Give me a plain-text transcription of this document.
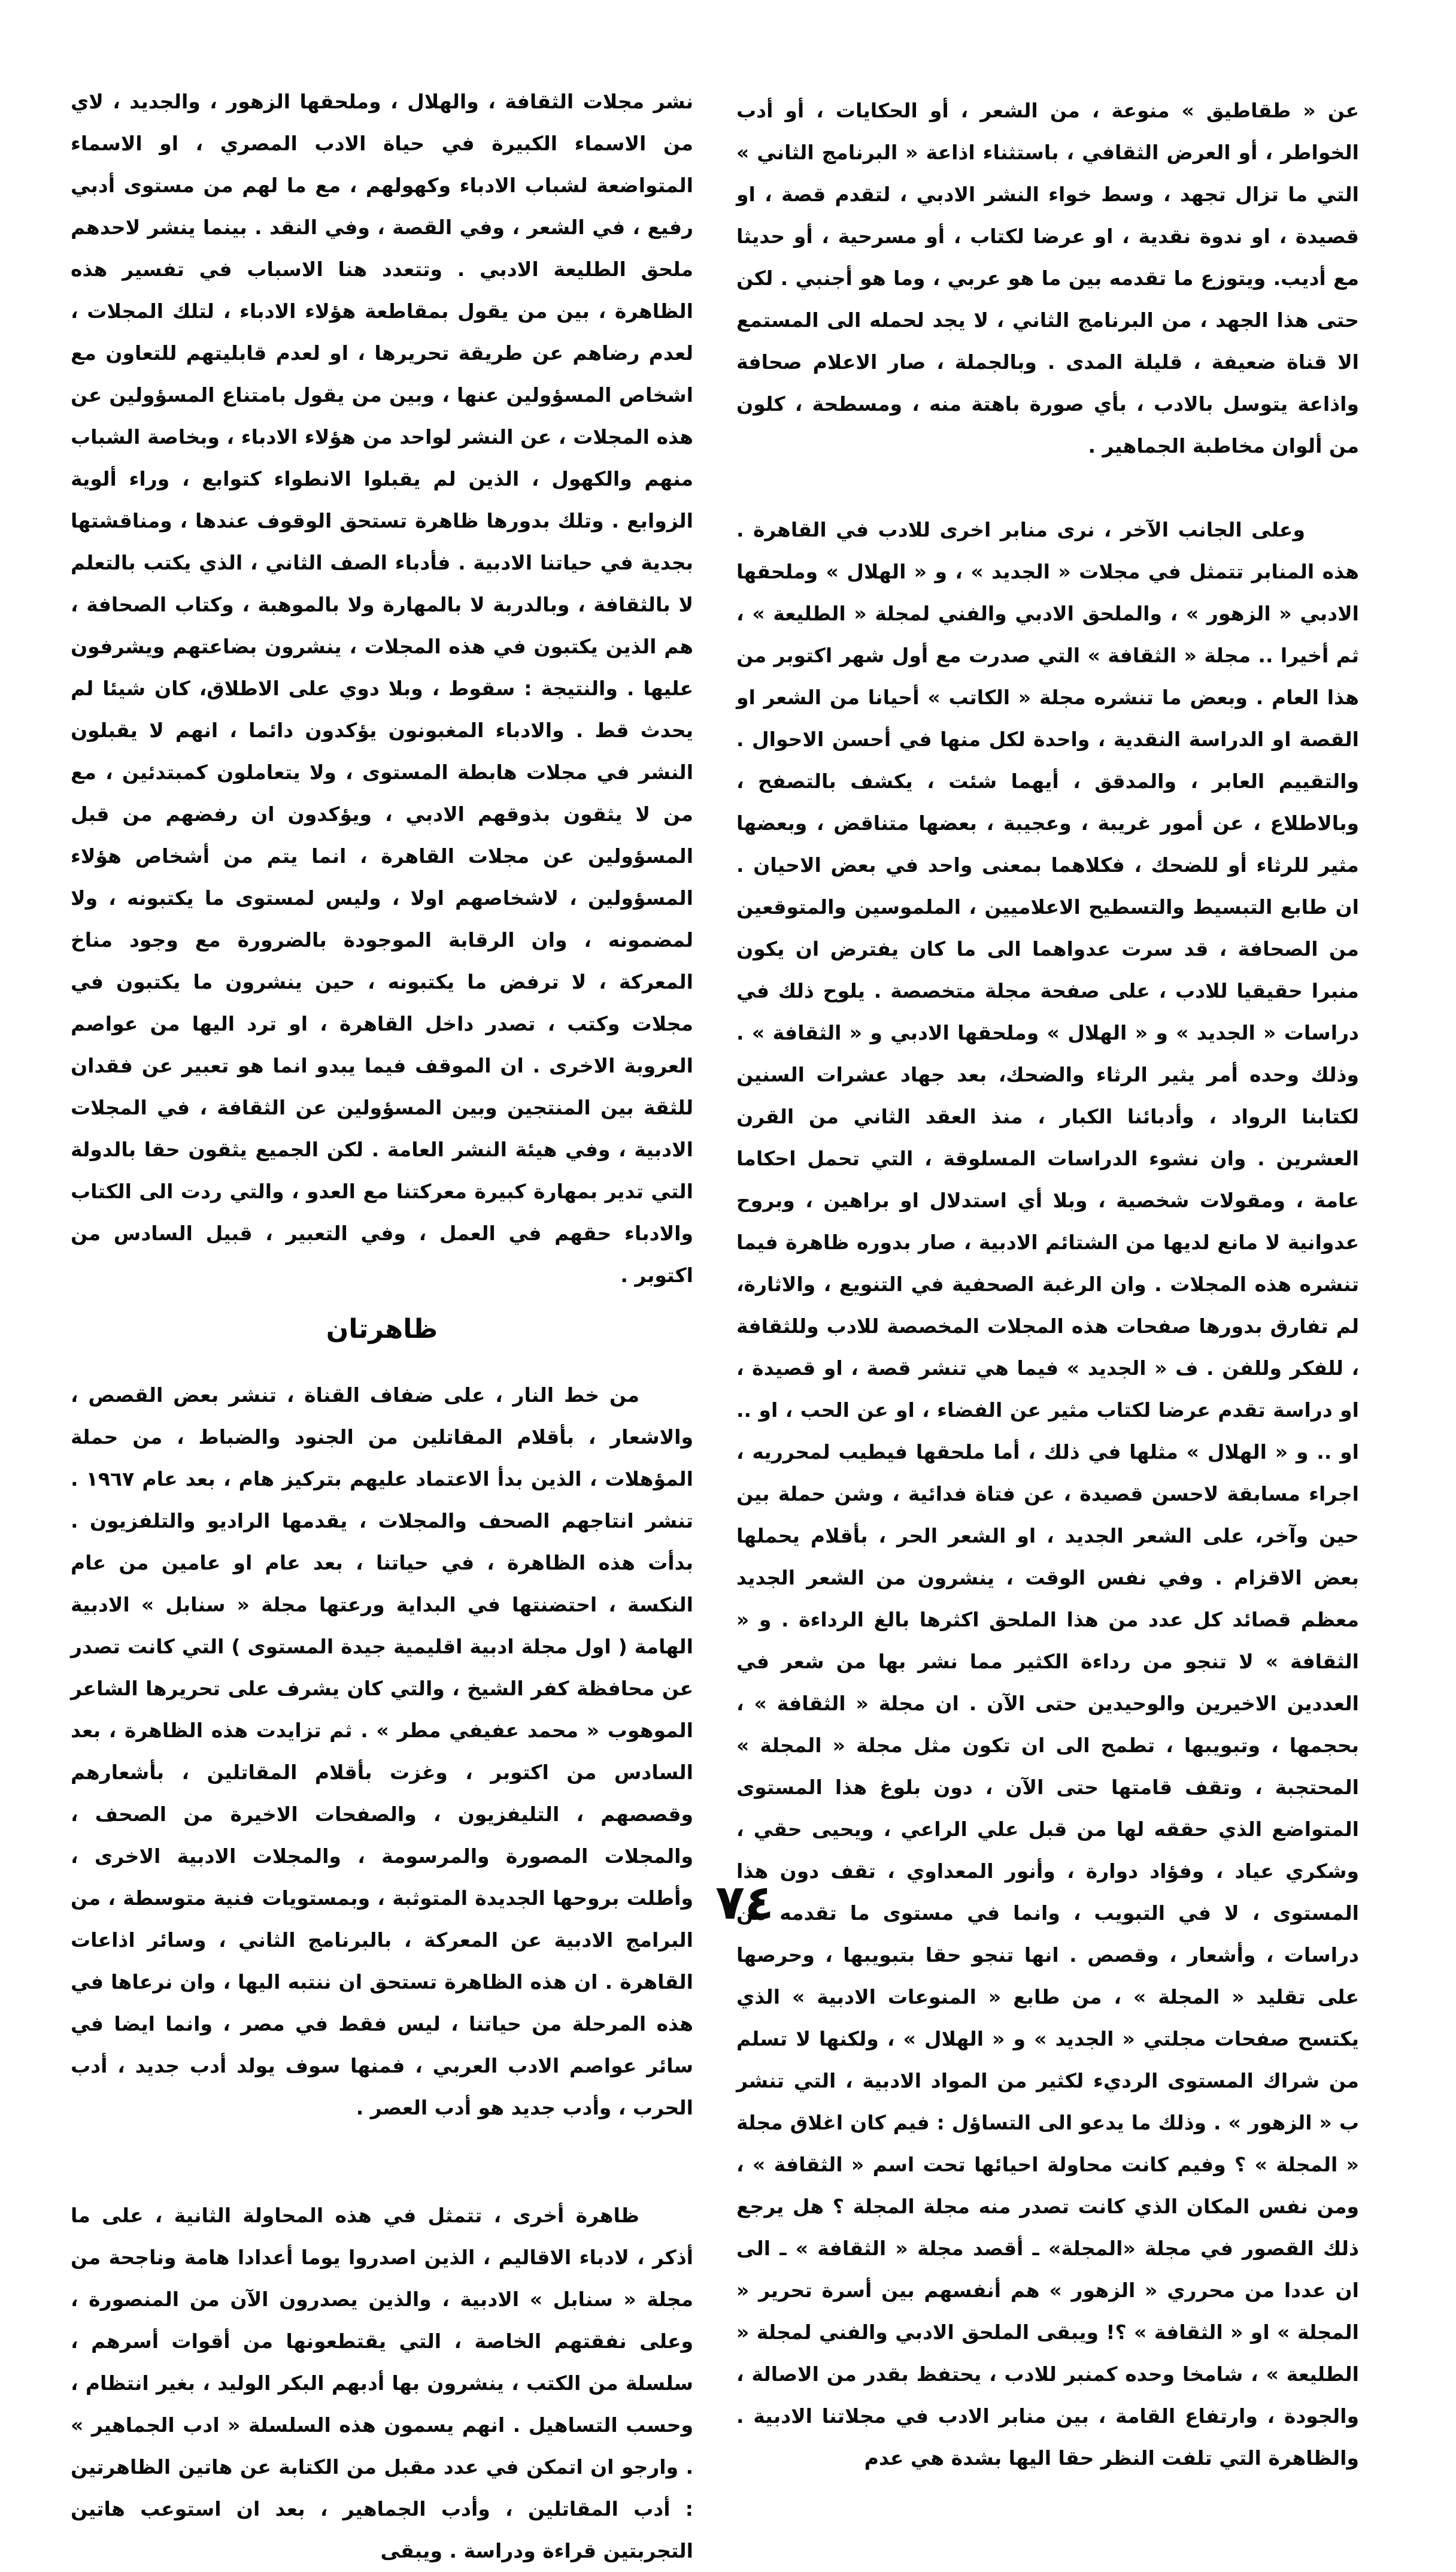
عن « طقاطيق » منوعة ، من الشعر ، أو الحكايات ، أو أدب الخواطر ، أو العرض الثقافي ، باستثناء اذاعة « البرنامج الثاني » التي ما تزال تجهد ، وسط خواء النشر الادبي ، لتقدم قصة ، او قصيدة ، او ندوة نقدية ، او عرضا لكتاب ، أو مسرحية ، أو حديثا مع أديب. ويتوزع ما تقدمه بين ما هو عربي ، وما هو أجنبي . لكن حتى هذا الجهد ، من البرنامج الثاني ، لا يجد لحمله الى المستمع الا قناة ضعيفة ، قليلة المدى . وبالجملة ، صار الاعلام صحافة واذاعة يتوسل بالادب ، بأي صورة باهتة منه ، ومسطحة ، كلون من ألوان مخاطبة الجماهير .

وعلى الجانب الآخر ، نرى منابر اخرى للادب في القاهرة . هذه المنابر تتمثل في مجلات « الجديد » ، و « الهلال » وملحقها الادبي « الزهور » ، والملحق الادبي والفني لمجلة « الطليعة » ، ثم أخيرا .. مجلة « الثقافة » التي صدرت مع أول شهر اكتوبر من هذا العام . وبعض ما تنشره مجلة « الكاتب » أحيانا من الشعر او القصة او الدراسة النقدية ، واحدة لكل منها في أحسن الاحوال . والتقييم العابر ، والمدقق ، أيهما شئت ، يكشف بالتصفح ، وبالاطلاع ، عن أمور غريبة ، وعجيبة ، بعضها متناقض ، وبعضها مثير للرثاء أو للضحك ، فكلاهما بمعنى واحد في بعض الاحيان . ان طابع التبسيط والتسطيح الاعلاميين ، الملموسين والمتوقعين من الصحافة ، قد سرت عدواهما الى ما كان يفترض ان يكون منبرا حقيقيا للادب ، على صفحة مجلة متخصصة . يلوح ذلك في دراسات « الجديد » و « الهلال » وملحقها الادبي و « الثقافة » . وذلك وحده أمر يثير الرثاء والضحك، بعد جهاد عشرات السنين لكتابنا الرواد ، وأدبائنا الكبار ، منذ العقد الثاني من القرن العشرين . وان نشوء الدراسات المسلوقة ، التي تحمل احكاما عامة ، ومقولات شخصية ، وبلا أي استدلال او براهين ، وبروح عدوانية لا مانع لديها من الشتائم الادبية ، صار بدوره ظاهرة فيما تنشره هذه المجلات . وان الرغبة الصحفية في التنويع ، والاثارة، لم تفارق بدورها صفحات هذه المجلات المخصصة للادب وللثقافة ، للفكر وللفن . ف « الجديد » فيما هي تنشر قصة ، او قصيدة ، او دراسة تقدم عرضا لكتاب مثير عن الفضاء ، او عن الحب ، او .. او .. و « الهلال » مثلها في ذلك ، أما ملحقها فيطيب لمحرريه ، اجراء مسابقة لاحسن قصيدة ، عن فتاة فدائية ، وشن حملة بين حين وآخر، على الشعر الجديد ، او الشعر الحر ، بأقلام يحملها بعض الاقزام . وفي نفس الوقت ، ينشرون من الشعر الجديد معظم قصائد كل عدد من هذا الملحق اكثرها بالغ الرداءة . و « الثقافة » لا تنجو من رداءة الكثير مما نشر بها من شعر في العددين الاخيرين والوحيدين حتى الآن . ان مجلة « الثقافة » ، بحجمها ، وتبويبها ، تطمح الى ان تكون مثل مجلة « المجلة » المحتجبة ، وتقف قامتها حتى الآن ، دون بلوغ هذا المستوى المتواضع الذي حققه لها من قبل علي الراعي ، ويحيى حقي ، وشكري عياد ، وفؤاد دوارة ، وأنور المعداوي ، تقف دون هذا المستوى ، لا في التبويب ، وانما في مستوى ما تقدمه من دراسات ، وأشعار ، وقصص . انها تنجو حقا بتبويبها ، وحرصها على تقليد « المجلة » ، من طابع « المنوعات الادبية » الذي يكتسح صفحات مجلتي « الجديد » و « الهلال » ، ولكنها لا تسلم من شراك المستوى الرديء لكثير من المواد الادبية ، التي تنشر ب « الزهور » . وذلك ما يدعو الى التساؤل : فيم كان اغلاق مجلة « المجلة » ؟ وفيم كانت محاولة احيائها تحت اسم « الثقافة » ، ومن نفس المكان الذي كانت تصدر منه مجلة المجلة ؟ هل يرجع ذلك القصور في مجلة «المجلة» ـ أقصد مجلة « الثقافة » ـ الى ان عددا من محرري « الزهور » هم أنفسهم بين أسرة تحرير « المجلة » او « الثقافة » ؟! ويبقى الملحق الادبي والفني لمجلة « الطليعة » ، شامخا وحده كمنبر للادب ، يحتفظ بقدر من الاصالة ، والجودة ، وارتفاع القامة ، بين منابر الادب في مجلاتنا الادبية . والظاهرة التي تلفت النظر حقا اليها بشدة هي عدم

نشر مجلات الثقافة ، والهلال ، وملحقها الزهور ، والجديد ، لاي من الاسماء الكبيرة في حياة الادب المصري ، او الاسماء المتواضعة لشباب الادباء وكهولهم ، مع ما لهم من مستوى أدبي رفيع ، في الشعر ، وفي القصة ، وفي النقد . بينما ينشر لاحدهم ملحق الطليعة الادبي . وتتعدد هنا الاسباب في تفسير هذه الظاهرة ، بين من يقول بمقاطعة هؤلاء الادباء ، لتلك المجلات ، لعدم رضاهم عن طريقة تحريرها ، او لعدم قابليتهم للتعاون مع اشخاص المسؤولين عنها ، وبين من يقول بامتناع المسؤولين عن هذه المجلات ، عن النشر لواحد من هؤلاء الادباء ، وبخاصة الشباب منهم والكهول ، الذين لم يقبلوا الانطواء كتوابع ، وراء ألوية الزوابع . وتلك بدورها ظاهرة تستحق الوقوف عندها ، ومناقشتها بجدية في حياتنا الادبية . فأدباء الصف الثاني ، الذي يكتب بالتعلم لا بالثقافة ، وبالدربة لا بالمهارة ولا بالموهبة ، وكتاب الصحافة ، هم الذين يكتبون في هذه المجلات ، ينشرون بضاعتهم ويشرفون عليها . والنتيجة : سقوط ، وبلا دوي على الاطلاق، كان شيئا لم يحدث قط . والادباء المغبونون يؤكدون دائما ، انهم لا يقبلون النشر في مجلات هابطة المستوى ، ولا يتعاملون كمبتدئين ، مع من لا يثقون بذوقهم الادبي ، ويؤكدون ان رفضهم من قبل المسؤولين عن مجلات القاهرة ، انما يتم من أشخاص هؤلاء المسؤولين ، لاشخاصهم اولا ، وليس لمستوى ما يكتبونه ، ولا لمضمونه ، وان الرقابة الموجودة بالضرورة مع وجود مناخ المعركة ، لا ترفض ما يكتبونه ، حين ينشرون ما يكتبون في مجلات وكتب ، تصدر داخل القاهرة ، او ترد اليها من عواصم العروبة الاخرى . ان الموقف فيما يبدو انما هو تعبير عن فقدان للثقة بين المنتجين وبين المسؤولين عن الثقافة ، في المجلات الادبية ، وفي هيئة النشر العامة . لكن الجميع يثقون حقا بالدولة التي تدير بمهارة كبيرة معركتنا مع العدو ، والتي ردت الى الكتاب والادباء حقهم في العمل ، وفي التعبير ، قبيل السادس من اكتوبر .

ظاهرتان

من خط النار ، على ضفاف القناة ، تنشر بعض القصص ، والاشعار ، بأقلام المقاتلين من الجنود والضباط ، من حملة المؤهلات ، الذين بدأ الاعتماد عليهم بتركيز هام ، بعد عام ١٩٦٧ . تنشر انتاجهم الصحف والمجلات ، يقدمها الراديو والتلفزيون . بدأت هذه الظاهرة ، في حياتنا ، بعد عام او عامين من عام النكسة ، احتضنتها في البداية ورعتها مجلة « سنابل » الادبية الهامة ( اول مجلة ادبية اقليمية جيدة المستوى ) التي كانت تصدر عن محافظة كفر الشيخ ، والتي كان يشرف على تحريرها الشاعر الموهوب « محمد عفيفي مطر » . ثم تزايدت هذه الظاهرة ، بعد السادس من اكتوبر ، وغزت بأقلام المقاتلين ، بأشعارهم وقصصهم ، التليفزيون ، والصفحات الاخيرة من الصحف ، والمجلات المصورة والمرسومة ، والمجلات الادبية الاخرى ، وأطلت بروحها الجديدة المتوثبة ، وبمستويات فنية متوسطة ، من البرامج الادبية عن المعركة ، بالبرنامج الثاني ، وسائر اذاعات القاهرة . ان هذه الظاهرة تستحق ان ننتبه اليها ، وان نرعاها في هذه المرحلة من حياتنا ، ليس فقط في مصر ، وانما ايضا في سائر عواصم الادب العربي ، فمنها سوف يولد أدب جديد ، أدب الحرب ، وأدب جديد هو أدب العصر .

ظاهرة أخرى ، تتمثل في هذه المحاولة الثانية ، على ما أذكر ، لادباء الاقاليم ، الذين اصدروا يوما أعدادا هامة وناجحة من مجلة « سنابل » الادبية ، والذين يصدرون الآن من المنصورة ، وعلى نفقتهم الخاصة ، التي يقتطعونها من أقوات أسرهم ، سلسلة من الكتب ، ينشرون بها أدبهم البكر الوليد ، بغير انتظام ، وحسب التساهيل . انهم يسمون هذه السلسلة « ادب الجماهير » . وارجو ان اتمكن في عدد مقبل من الكتابة عن هاتين الظاهرتين : أدب المقاتلين ، وأدب الجماهير ، بعد ان استوعب هاتين التجربتين قراءة ودراسة . ويبقى

٧٤
